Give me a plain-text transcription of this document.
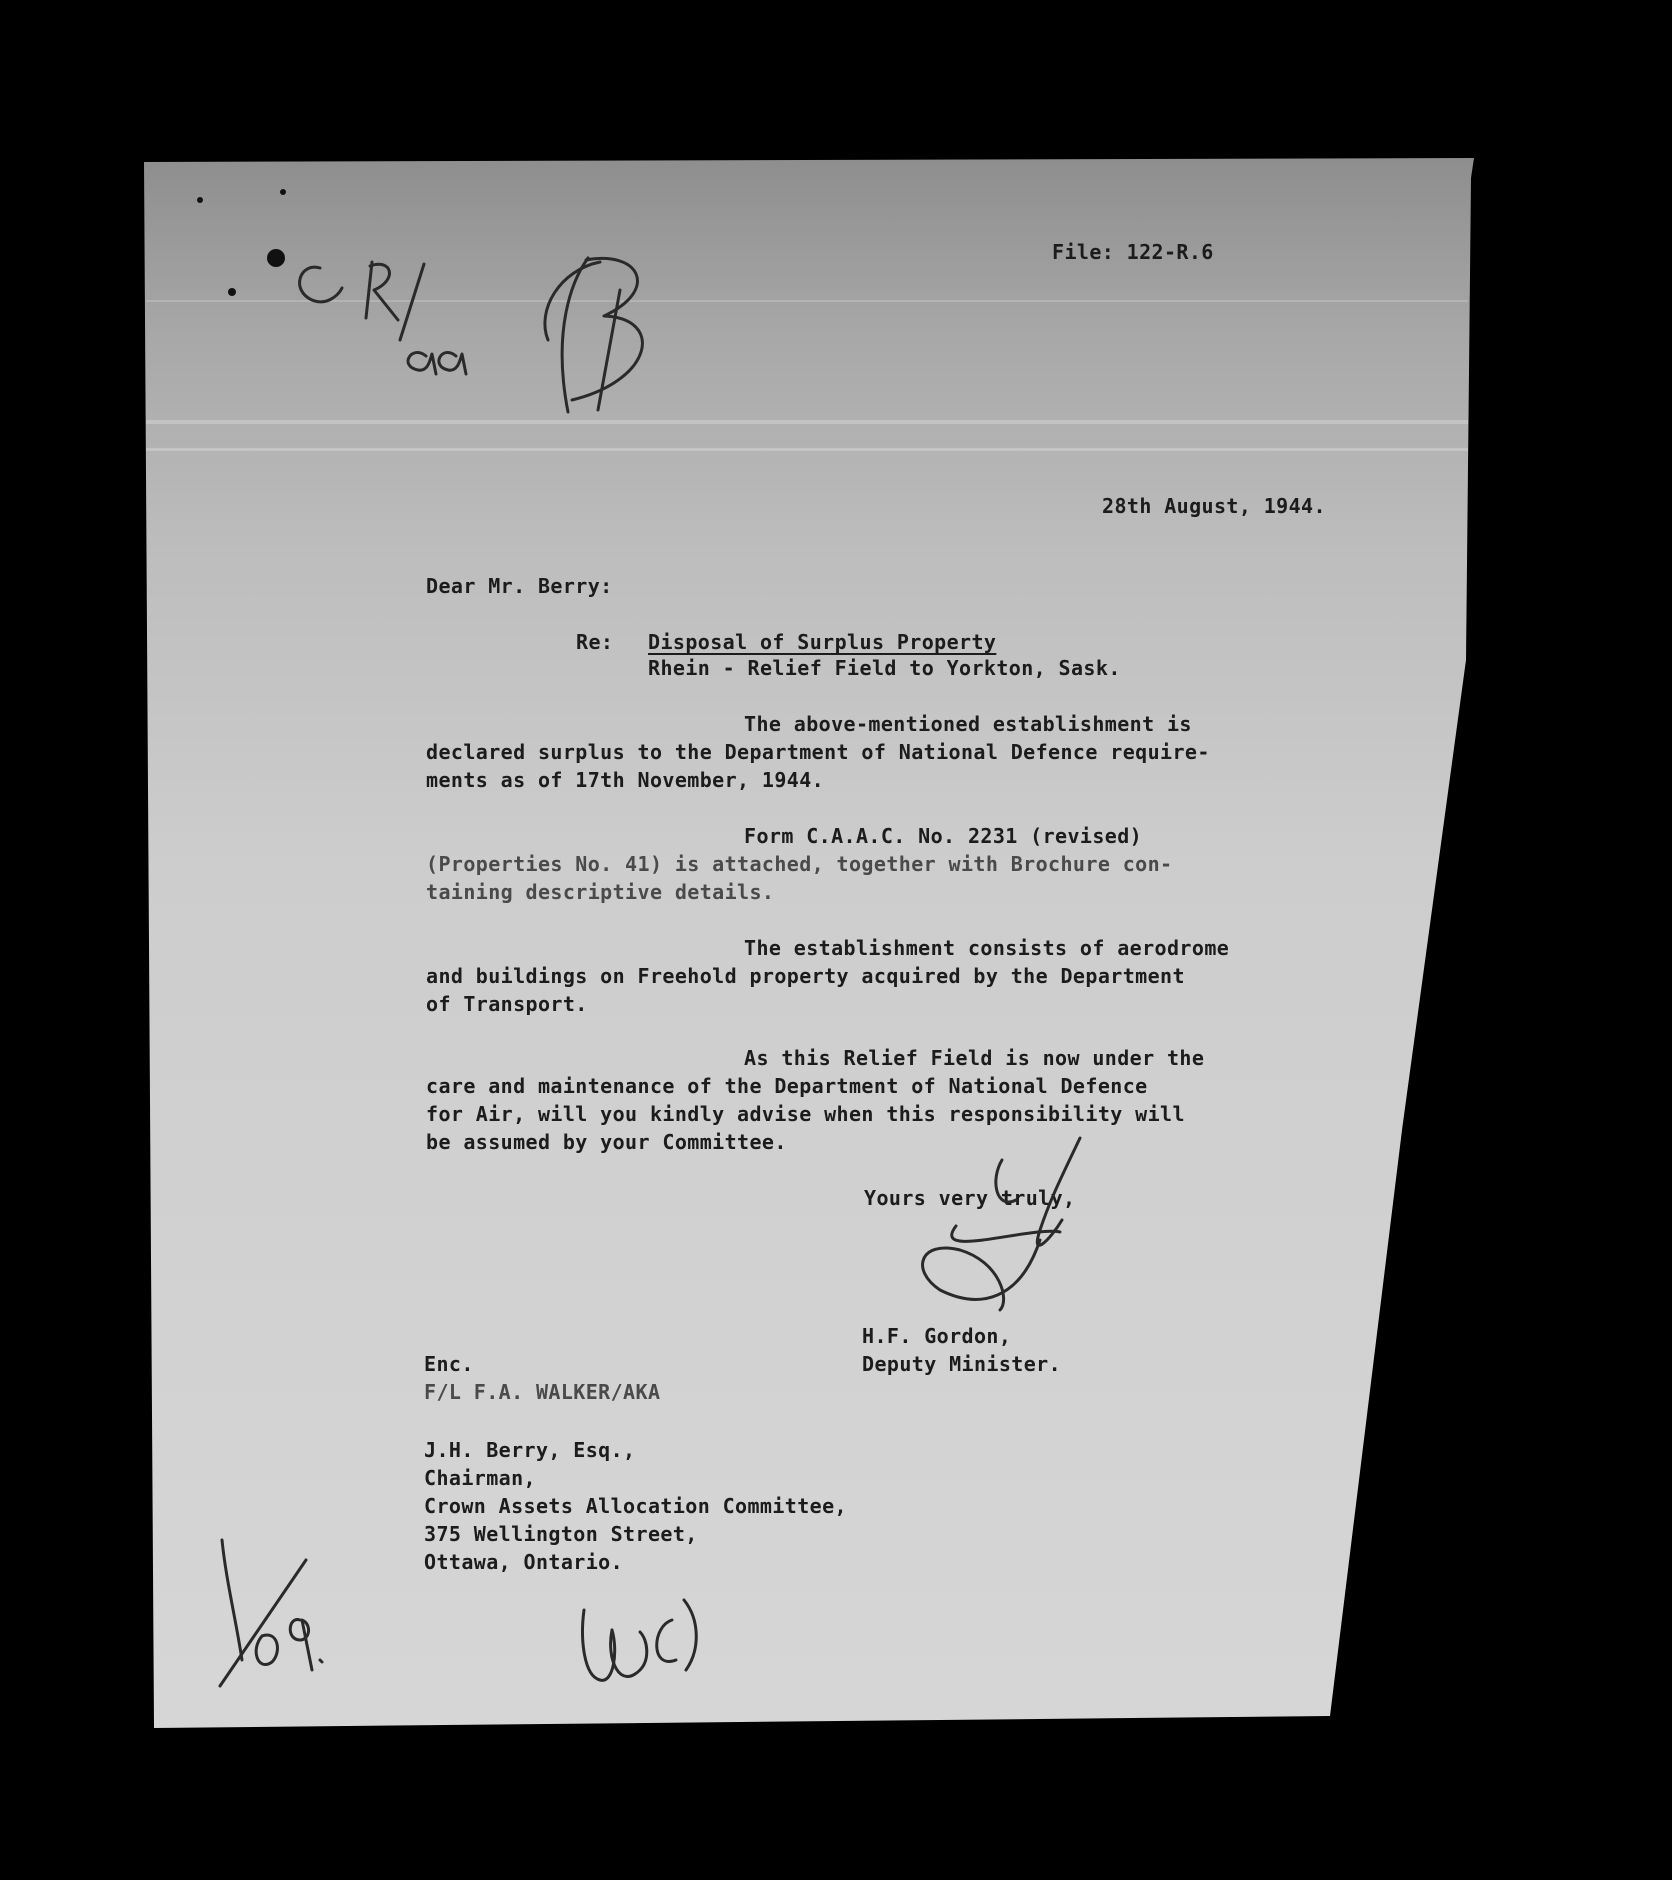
File: 122-R.6
28th August, 1944.
Dear Mr. Berry:
Re: Disposal of Surplus Property
Rhein - Relief Field to Yorkton, Sask.
The above-mentioned establishment is
declared surplus to the Department of National Defence require-
ments as of 17th November, 1944.
Form C.A.A.C. No. 2231 (revised)
(Properties No. 41) is attached, together with Brochure con-
taining descriptive details.
The establishment consists of aerodrome
and buildings on Freehold property acquired by the Department
of Transport.
As this Relief Field is now under the
care and maintenance of the Department of National Defence
for Air, will you kindly advise when this responsibility will
be assumed by your Committee.
Yours very truly,
H.F. Gordon,
Deputy Minister.
Enc.
F/L F.A. WALKER/AKA
J.H. Berry, Esq.,
Chairman,
Crown Assets Allocation Committee,
375 Wellington Street,
Ottawa, Ontario.
